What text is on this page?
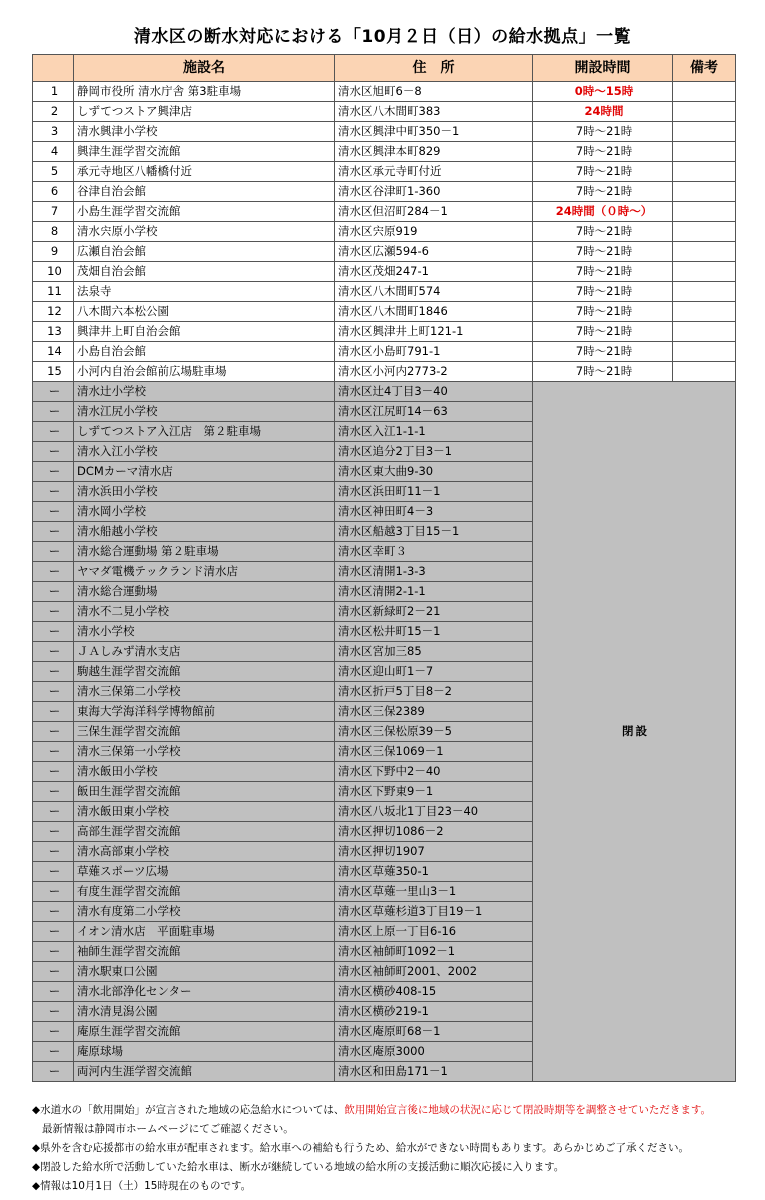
清水区の断水対応における「10月２日（日）の給水拠点」一覧
	施設名	住　所	開設時間	備考
1	静岡市役所 清水庁舎 第3駐車場	清水区旭町6－8	0時～15時	
2	しずてつストア興津店	清水区八木間町383	24時間	
3	清水興津小学校	清水区興津中町350－1	7時～21時	
4	興津生涯学習交流館	清水区興津本町829	7時～21時	
5	承元寺地区八幡橋付近	清水区承元寺町付近	7時～21時	
6	谷津自治会館	清水区谷津町1-360	7時～21時	
7	小島生涯学習交流館	清水区但沼町284－1	24時間（０時～）	
8	清水宍原小学校	清水区宍原919	7時～21時	
9	広瀬自治会館	清水区広瀬594-6	7時～21時	
10	茂畑自治会館	清水区茂畑247-1	7時～21時	
11	法泉寺	清水区八木間町574	7時～21時	
12	八木間六本松公園	清水区八木間町1846	7時～21時	
13	興津井上町自治会館	清水区興津井上町121-1	7時～21時	
14	小島自治会館	清水区小島町791-1	7時～21時	
15	小河内自治会館前広場駐車場	清水区小河内2773-2	7時～21時	
ー	清水辻小学校	清水区辻4丁目3－40	閉設	
ー	清水江尻小学校	清水区江尻町14－63		
ー	しずてつストア入江店　第２駐車場	清水区入江1-1-1		
ー	清水入江小学校	清水区追分2丁目3－1		
ー	DCMカーマ清水店	清水区東大曲9-30		
ー	清水浜田小学校	清水区浜田町11－1		
ー	清水岡小学校	清水区神田町4－3		
ー	清水船越小学校	清水区船越3丁目15－1		
ー	清水総合運動場 第２駐車場	清水区幸町３		
ー	ヤマダ電機テックランド清水店	清水区清開1-3-3		
ー	清水総合運動場	清水区清開2-1-1		
ー	清水不二見小学校	清水区新緑町2－21		
ー	清水小学校	清水区松井町15－1		
ー	ＪＡしみず清水支店	清水区宮加三85		
ー	駒越生涯学習交流館	清水区迎山町1－7		
ー	清水三保第二小学校	清水区折戸5丁目8－2		
ー	東海大学海洋科学博物館前	清水区三保2389		
ー	三保生涯学習交流館	清水区三保松原39－5		
ー	清水三保第一小学校	清水区三保1069－1		
ー	清水飯田小学校	清水区下野中2－40		
ー	飯田生涯学習交流館	清水区下野東9－1		
ー	清水飯田東小学校	清水区八坂北1丁目23－40		
ー	高部生涯学習交流館	清水区押切1086－2		
ー	清水高部東小学校	清水区押切1907		
ー	草薙スポーツ広場	清水区草薙350-1		
ー	有度生涯学習交流館	清水区草薙一里山3－1		
ー	清水有度第二小学校	清水区草薙杉道3丁目19－1		
ー	イオン清水店　平面駐車場	清水区上原一丁目6-16		
ー	袖師生涯学習交流館	清水区袖師町1092－1		
ー	清水駅東口公園	清水区袖師町2001、2002		
ー	清水北部浄化センター	清水区横砂408-15		
ー	清水清見潟公園	清水区横砂219-1		
ー	庵原生涯学習交流館	清水区庵原町68－1		
ー	庵原球場	清水区庵原3000		
ー	両河内生涯学習交流館	清水区和田島171－1		
◆水道水の「飲用開始」が宣言された地域の応急給水については、飲用開始宣言後に地域の状況に応じて閉設時期等を調整させていただきます。
最新情報は静岡市ホームページにてご確認ください。
◆県外を含む応援都市の給水車が配車されます。給水車への補給も行うため、給水ができない時間もあります。あらかじめご了承ください。
◆閉設した給水所で活動していた給水車は、断水が継続している地域の給水所の支援活動に順次応援に入ります。
◆情報は10月1日（土）15時現在のものです。
